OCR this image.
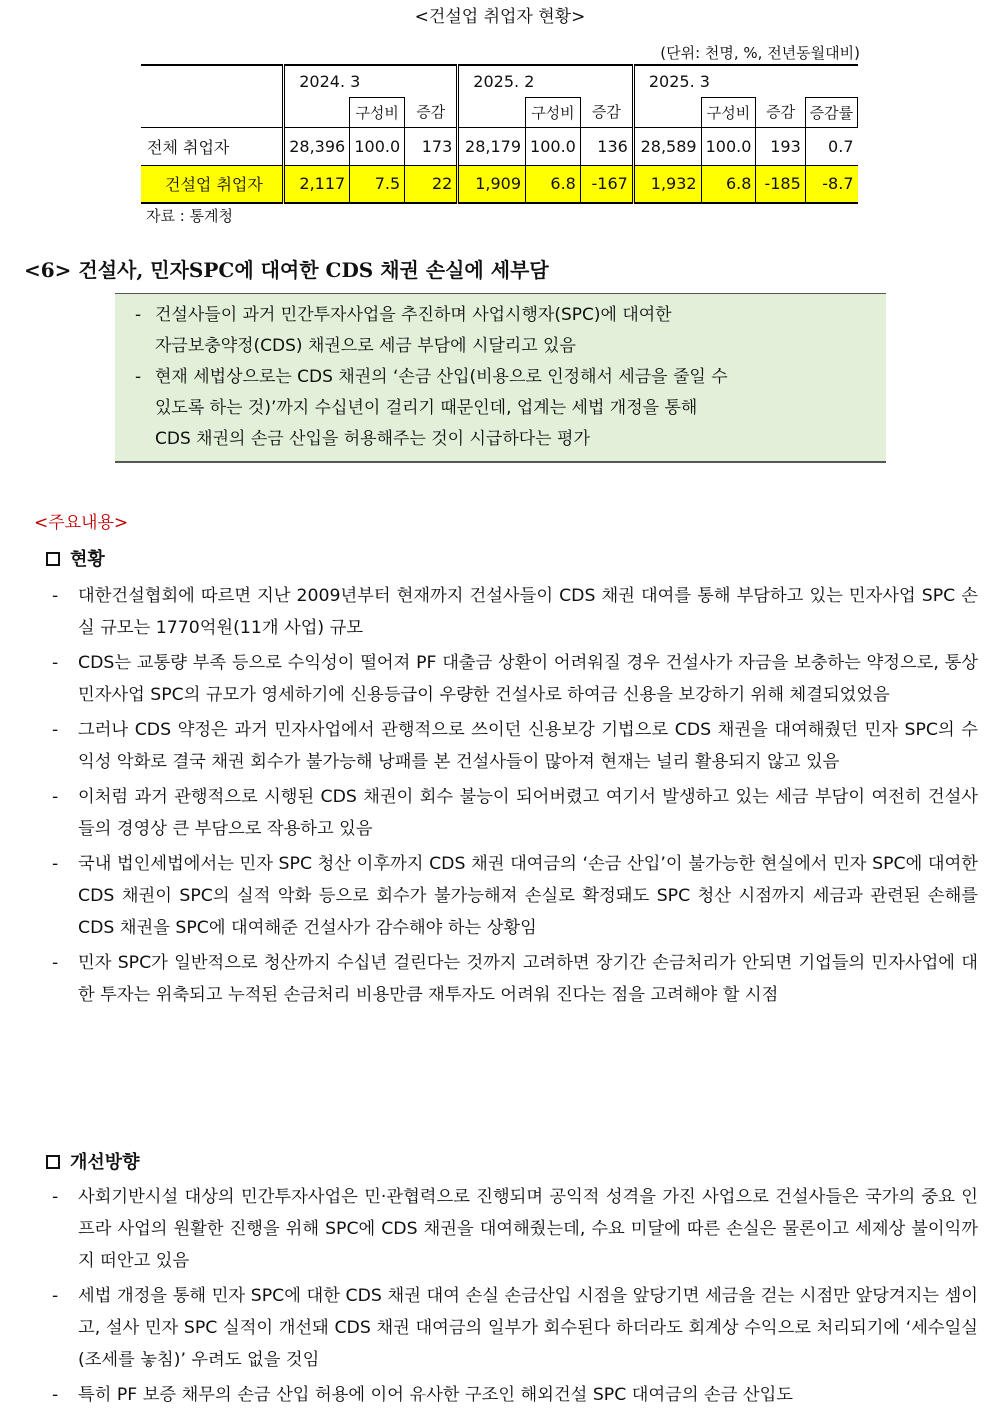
<건설업 취업자 현황>
(단위: 천명, %, 전년동월대비)
	2024. 3			2025. 2			2025. 3			
		구성비	증감		구성비	증감		구성비	증감	증감률
전체 취업자	28,396	100.0	173	28,179	100.0	136	28,589	100.0	193	0.7
건설업 취업자	2,117	7.5	22	1,909	6.8	-167	1,932	6.8	-185	-8.7
자료 : 통계청
<6> 건설사, 민자SPC에 대여한 CDS 채권 손실에 세부담
- 건설사들이 과거 민간투자사업을 추진하며 사업시행자(SPC)에 대여한
자금보충약정(CDS) 채권으로 세금 부담에 시달리고 있음
- 현재 세법상으로는 CDS 채권의 ‘손금 산입(비용으로 인정해서 세금을 줄일 수
있도록 하는 것)’까지 수십년이 걸리기 때문인데, 업계는 세법 개정을 통해
CDS 채권의 손금 산입을 허용해주는 것이 시급하다는 평가
<주요내용>
현황
-	대한건설협회에 따르면 지난 2009년부터 현재까지 건설사들이 CDS 채권 대여를 통해 부담하고 있는 민자사업 SPC 손실 규모는 1770억원(11개 사업) 규모
-	CDS는 교통량 부족 등으로 수익성이 떨어져 PF 대출금 상환이 어려워질 경우 건설사가 자금을 보충하는 약정으로, 통상 민자사업 SPC의 규모가 영세하기에 신용등급이 우량한 건설사로 하여금 신용을 보강하기 위해 체결되었었음
-	그러나 CDS 약정은 과거 민자사업에서 관행적으로 쓰이던 신용보강 기법으로 CDS 채권을 대여해줬던 민자 SPC의 수익성 악화로 결국 채권 회수가 불가능해 낭패를 본 건설사들이 많아져 현재는 널리 활용되지 않고 있음
-	이처럼 과거 관행적으로 시행된 CDS 채권이 회수 불능이 되어버렸고 여기서 발생하고 있는 세금 부담이 여전히 건설사들의 경영상 큰 부담으로 작용하고 있음
-	국내 법인세법에서는 민자 SPC 청산 이후까지 CDS 채권 대여금의 ‘손금 산입’이 불가능한 현실에서 민자 SPC에 대여한 CDS 채권이 SPC의 실적 악화 등으로 회수가 불가능해져 손실로 확정돼도 SPC 청산 시점까지 세금과 관련된 손해를 CDS 채권을 SPC에 대여해준 건설사가 감수해야 하는 상황임
-	민자 SPC가 일반적으로 청산까지 수십년 걸린다는 것까지 고려하면 장기간 손금처리가 안되면 기업들의 민자사업에 대한 투자는 위축되고 누적된 손금처리 비용만큼 재투자도 어려워 진다는 점을 고려해야 할 시점
개선방향
-	사회기반시설 대상의 민간투자사업은 민·관협력으로 진행되며 공익적 성격을 가진 사업으로 건설사들은 국가의 중요 인프라 사업의 원활한 진행을 위해 SPC에 CDS 채권을 대여해줬는데, 수요 미달에 따른 손실은 물론이고 세제상 불이익까지 떠안고 있음
-	세법 개정을 통해 민자 SPC에 대한 CDS 채권 대여 손실 손금산입 시점을 앞당기면 세금을 걷는 시점만 앞당겨지는 셈이고, 설사 민자 SPC 실적이 개선돼 CDS 채권 대여금의 일부가 회수된다 하더라도 회계상 수익으로 처리되기에 ‘세수일실(조세를 놓침)’ 우려도 없을 것임
-	특히 PF 보증 채무의 손금 산입 허용에 이어 유사한 구조인 해외건설 SPC 대여금의 손금 산입도
